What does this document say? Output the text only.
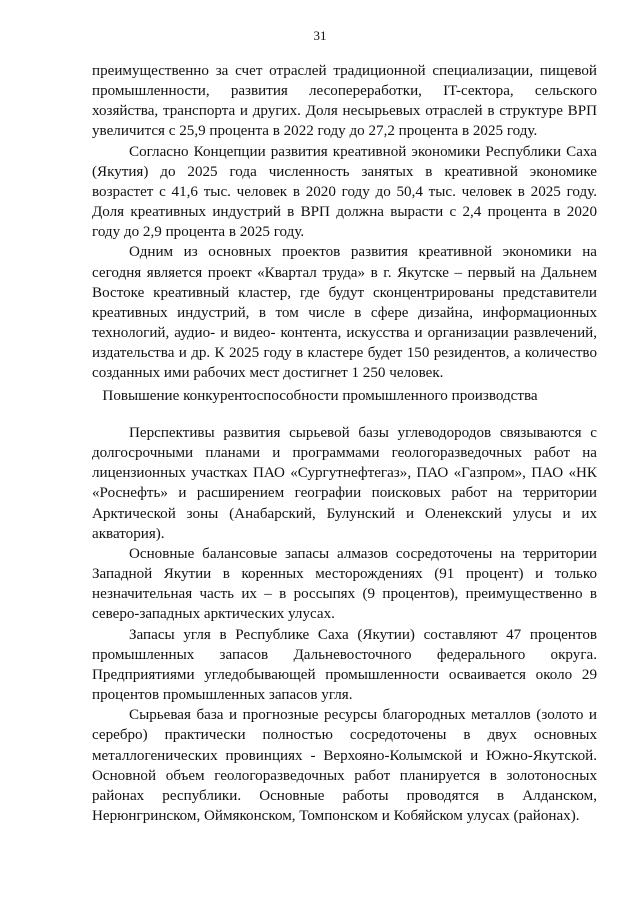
31

преимущественно за счет отраслей традиционной специализации, пищевой промышленности, развития лесопереработки, IT-сектора, сельского хозяйства, транспорта и других. Доля несырьевых отраслей в структуре ВРП увеличится с 25,9 процента в 2022 году до 27,2 процента в 2025 году.

Согласно Концепции развития креативной экономики Республики Саха (Якутия) до 2025 года численность занятых в креативной экономике возрастет с 41,6 тыс. человек в 2020 году до 50,4 тыс. человек в 2025 году. Доля креативных индустрий в ВРП должна вырасти с 2,4 процента в 2020 году до 2,9 процента в 2025 году.

Одним из основных проектов развития креативной экономики на сегодня является проект «Квартал труда» в г. Якутске – первый на Дальнем Востоке креативный кластер, где будут сконцентрированы представители креативных индустрий, в том числе в сфере дизайна, информационных технологий, аудио- и видео- контента, искусства и организации развлечений, издательства и др. К 2025 году в кластере будет 150 резидентов, а количество созданных ими рабочих мест достигнет 1 250 человек.

Повышение конкурентоспособности промышленного производства

Перспективы развития сырьевой базы углеводородов связываются с долгосрочными планами и программами геологоразведочных работ на лицензионных участках ПАО «Сургутнефтегаз», ПАО «Газпром», ПАО «НК «Роснефть» и расширением географии поисковых работ на территории Арктической зоны (Анабарский, Булунский и Оленекский улусы и их акватория).

Основные балансовые запасы алмазов сосредоточены на территории Западной Якутии в коренных месторождениях (91 процент) и только незначительная часть их – в россыпях (9 процентов), преимущественно в северо-западных арктических улусах.

Запасы угля в Республике Саха (Якутии) составляют 47 процентов промышленных запасов Дальневосточного федерального округа. Предприятиями угледобывающей промышленности осваивается около 29 процентов промышленных запасов угля.

Сырьевая база и прогнозные ресурсы благородных металлов (золото и серебро) практически полностью сосредоточены в двух основных металлогенических провинциях - Верхояно-Колымской и Южно-Якутской. Основной объем геологоразведочных работ планируется в золотоносных районах республики. Основные работы проводятся в Алданском, Нерюнгринском, Оймяконском, Томпонском и Кобяйском улусах (районах).
